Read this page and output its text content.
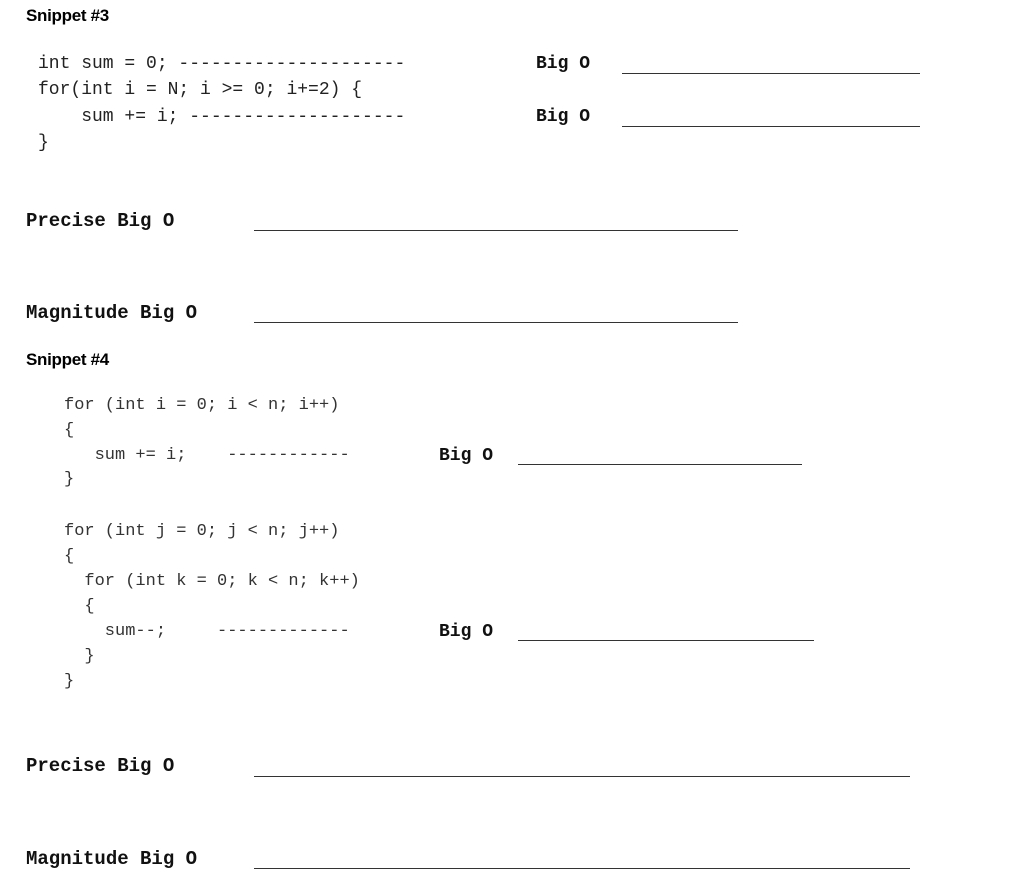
Snippet #3
int sum = 0; ---------------------	Big O
for(int i = N; i >= 0; i+=2) {
sum += i; --------------------	Big O
}
Precise Big O
Magnitude Big O
Snippet #4
for (int i = 0; i < n; i++)
{
sum += i;    ------------	Big O
}
for (int j = 0; j < n; j++)
{
for (int k = 0; k < n; k++)
{
sum--;     -------------	Big O
}
}
Precise Big O
Magnitude Big O
